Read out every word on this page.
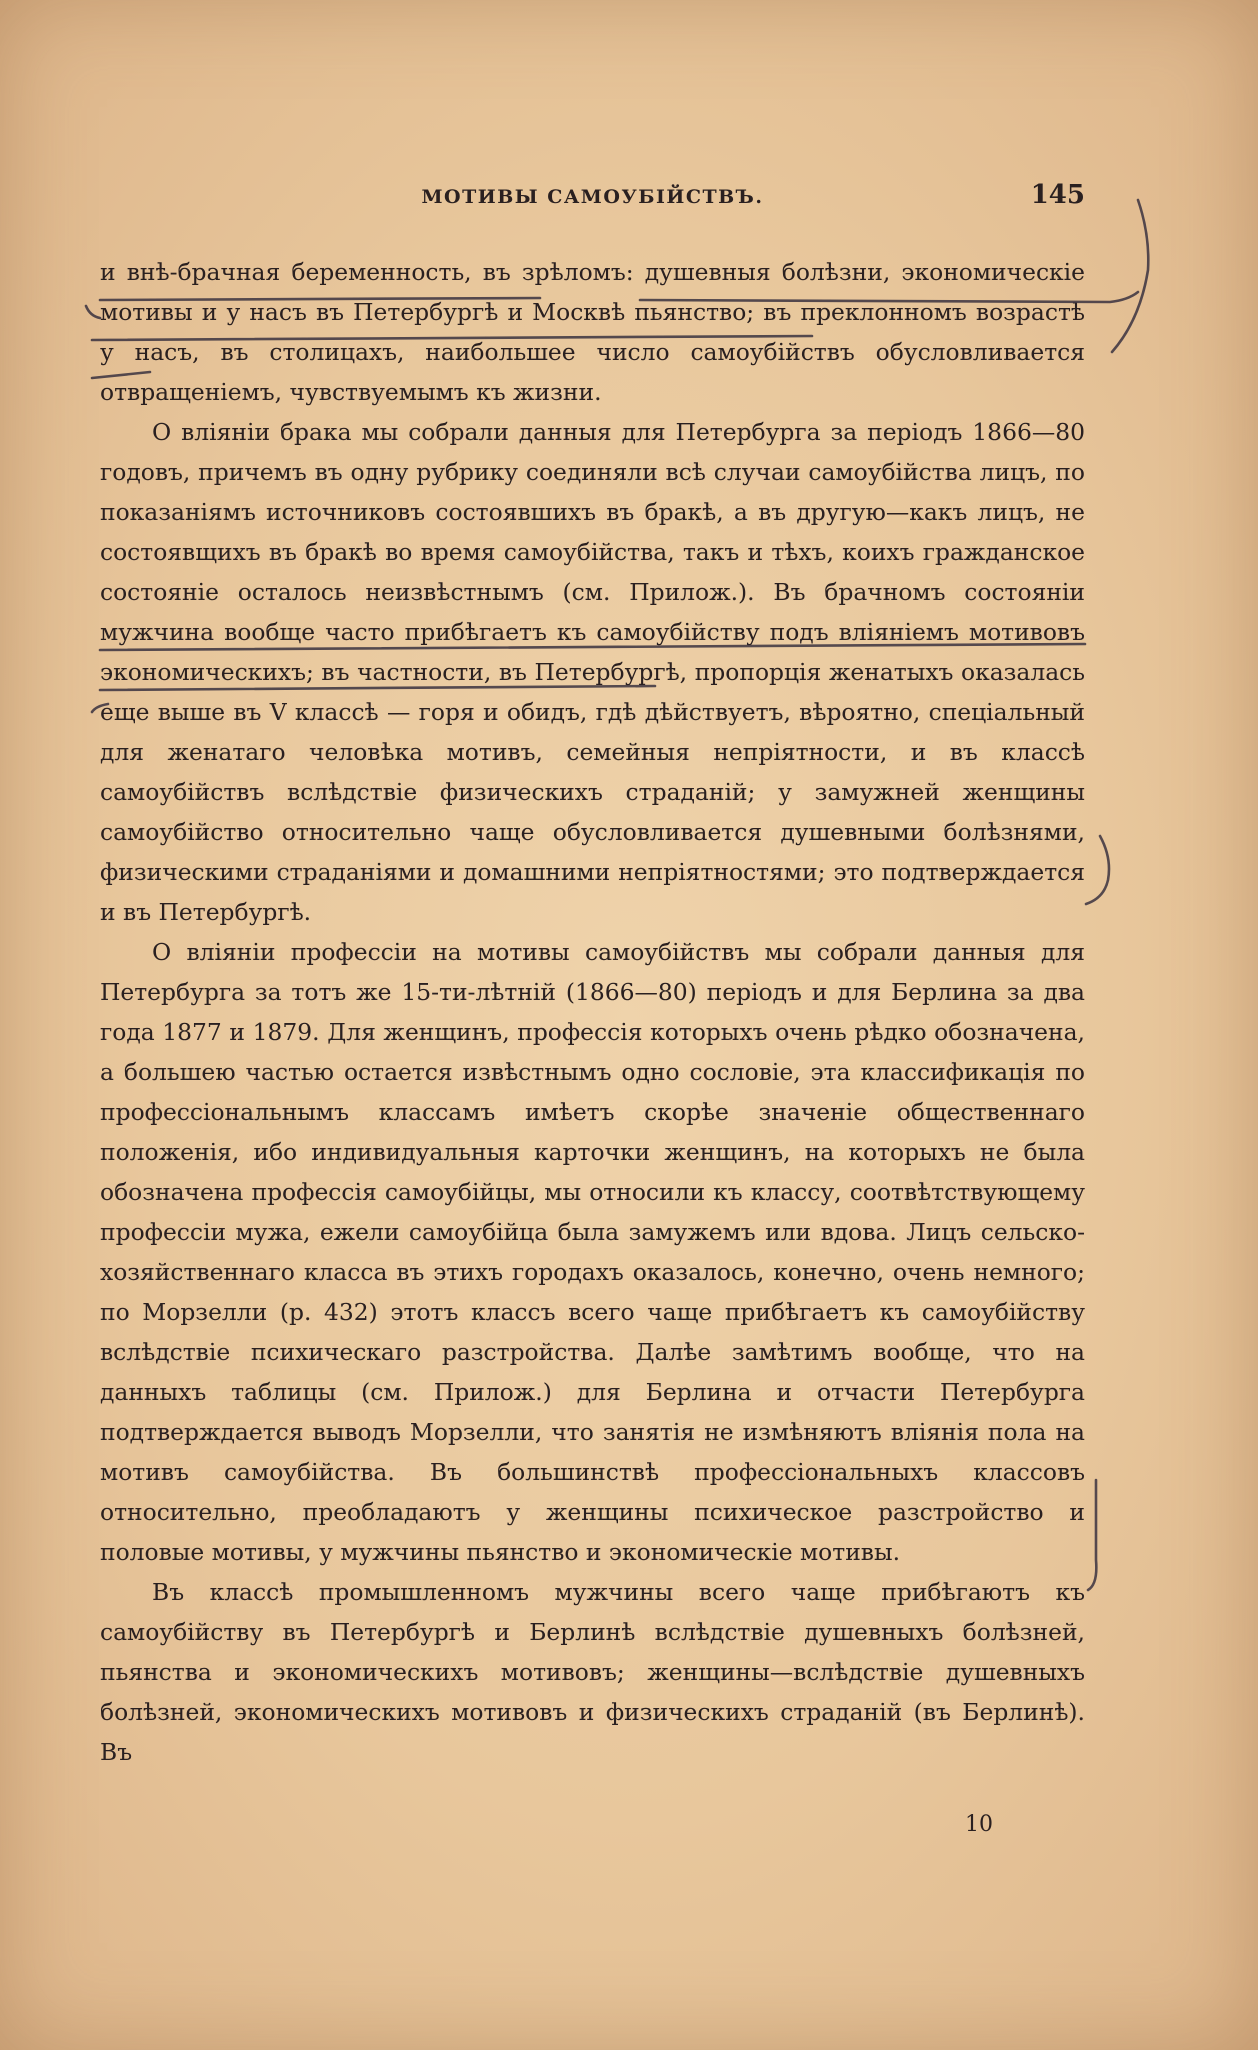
МОТИВЫ САМОУБІЙСТВЪ.	145

и внѣ-брачная беременность, въ зрѣломъ: душевныя болѣзни, экономическіе мотивы и у насъ въ Петербургѣ и Москвѣ пьянство; въ преклонномъ возрастѣ у насъ, въ столицахъ, наибольшее число самоубійствъ обусловливается отвращеніемъ, чувствуемымъ къ жизни.

О вліяніи брака мы собрали данныя для Петербурга за періодъ 1866—80 годовъ, причемъ въ одну рубрику соединяли всѣ случаи самоубійства лицъ, по показаніямъ источниковъ состоявшихъ въ бракѣ, а въ другую—какъ лицъ, не состоявщихъ въ бракѣ во время самоубійства, такъ и тѣхъ, коихъ гражданское состояніе осталось неизвѣстнымъ (см. Прилож.). Въ брачномъ состояніи мужчина вообще часто прибѣгаетъ къ самоубійству подъ вліяніемъ мотивовъ экономическихъ; въ частности, въ Петербургѣ, пропорція женатыхъ оказалась еще выше въ V классѣ — горя и обидъ, гдѣ дѣйствуетъ, вѣроятно, спеціальный для женатаго человѣка мотивъ, семейныя непріятности, и въ классѣ самоубійствъ вслѣдствіе физическихъ страданій; у замужней женщины самоубійство относительно чаще обусловливается душевными болѣзнями, физическими страданіями и домашними непріятностями; это подтверждается и въ Петербургѣ.

О вліяніи профессіи на мотивы самоубійствъ мы собрали данныя для Петербурга за тотъ же 15-ти-лѣтній (1866—80) періодъ и для Берлина за два года 1877 и 1879. Для женщинъ, профессія которыхъ очень рѣдко обозначена, а большею частью остается извѣстнымъ одно сословіе, эта классификація по профессіональнымъ классамъ имѣетъ скорѣе значеніе общественнаго положенія, ибо индивидуальныя карточки женщинъ, на которыхъ не была обозначена профессія самоубійцы, мы относили къ классу, соотвѣтствующему профессіи мужа, ежели самоубійца была замужемъ или вдова. Лицъ сельско-хозяйственнаго класса въ этихъ городахъ оказалось, конечно, очень немного; по Морзелли (р. 432) этотъ классъ всего чаще прибѣгаетъ къ самоубійству вслѣдствіе психическаго разстройства. Далѣе замѣтимъ вообще, что на данныхъ таблицы (см. Прилож.) для Берлина и отчасти Петербурга подтверждается выводъ Морзелли, что занятія не измѣняютъ вліянія пола на мотивъ самоубійства. Въ большинствѣ профессіональныхъ классовъ относительно, преобладаютъ у женщины психическое разстройство и половые мотивы, у мужчины пьянство и экономическіе мотивы.

Въ классѣ промышленномъ мужчины всего чаще прибѣгаютъ къ самоубійству въ Петербургѣ и Берлинѣ вслѣдствіе душевныхъ болѣзней, пьянства и экономическихъ мотивовъ; женщины—вслѣдствіе душевныхъ болѣзней, экономическихъ мотивовъ и физическихъ страданій (въ Берлинѣ). Въ

10
